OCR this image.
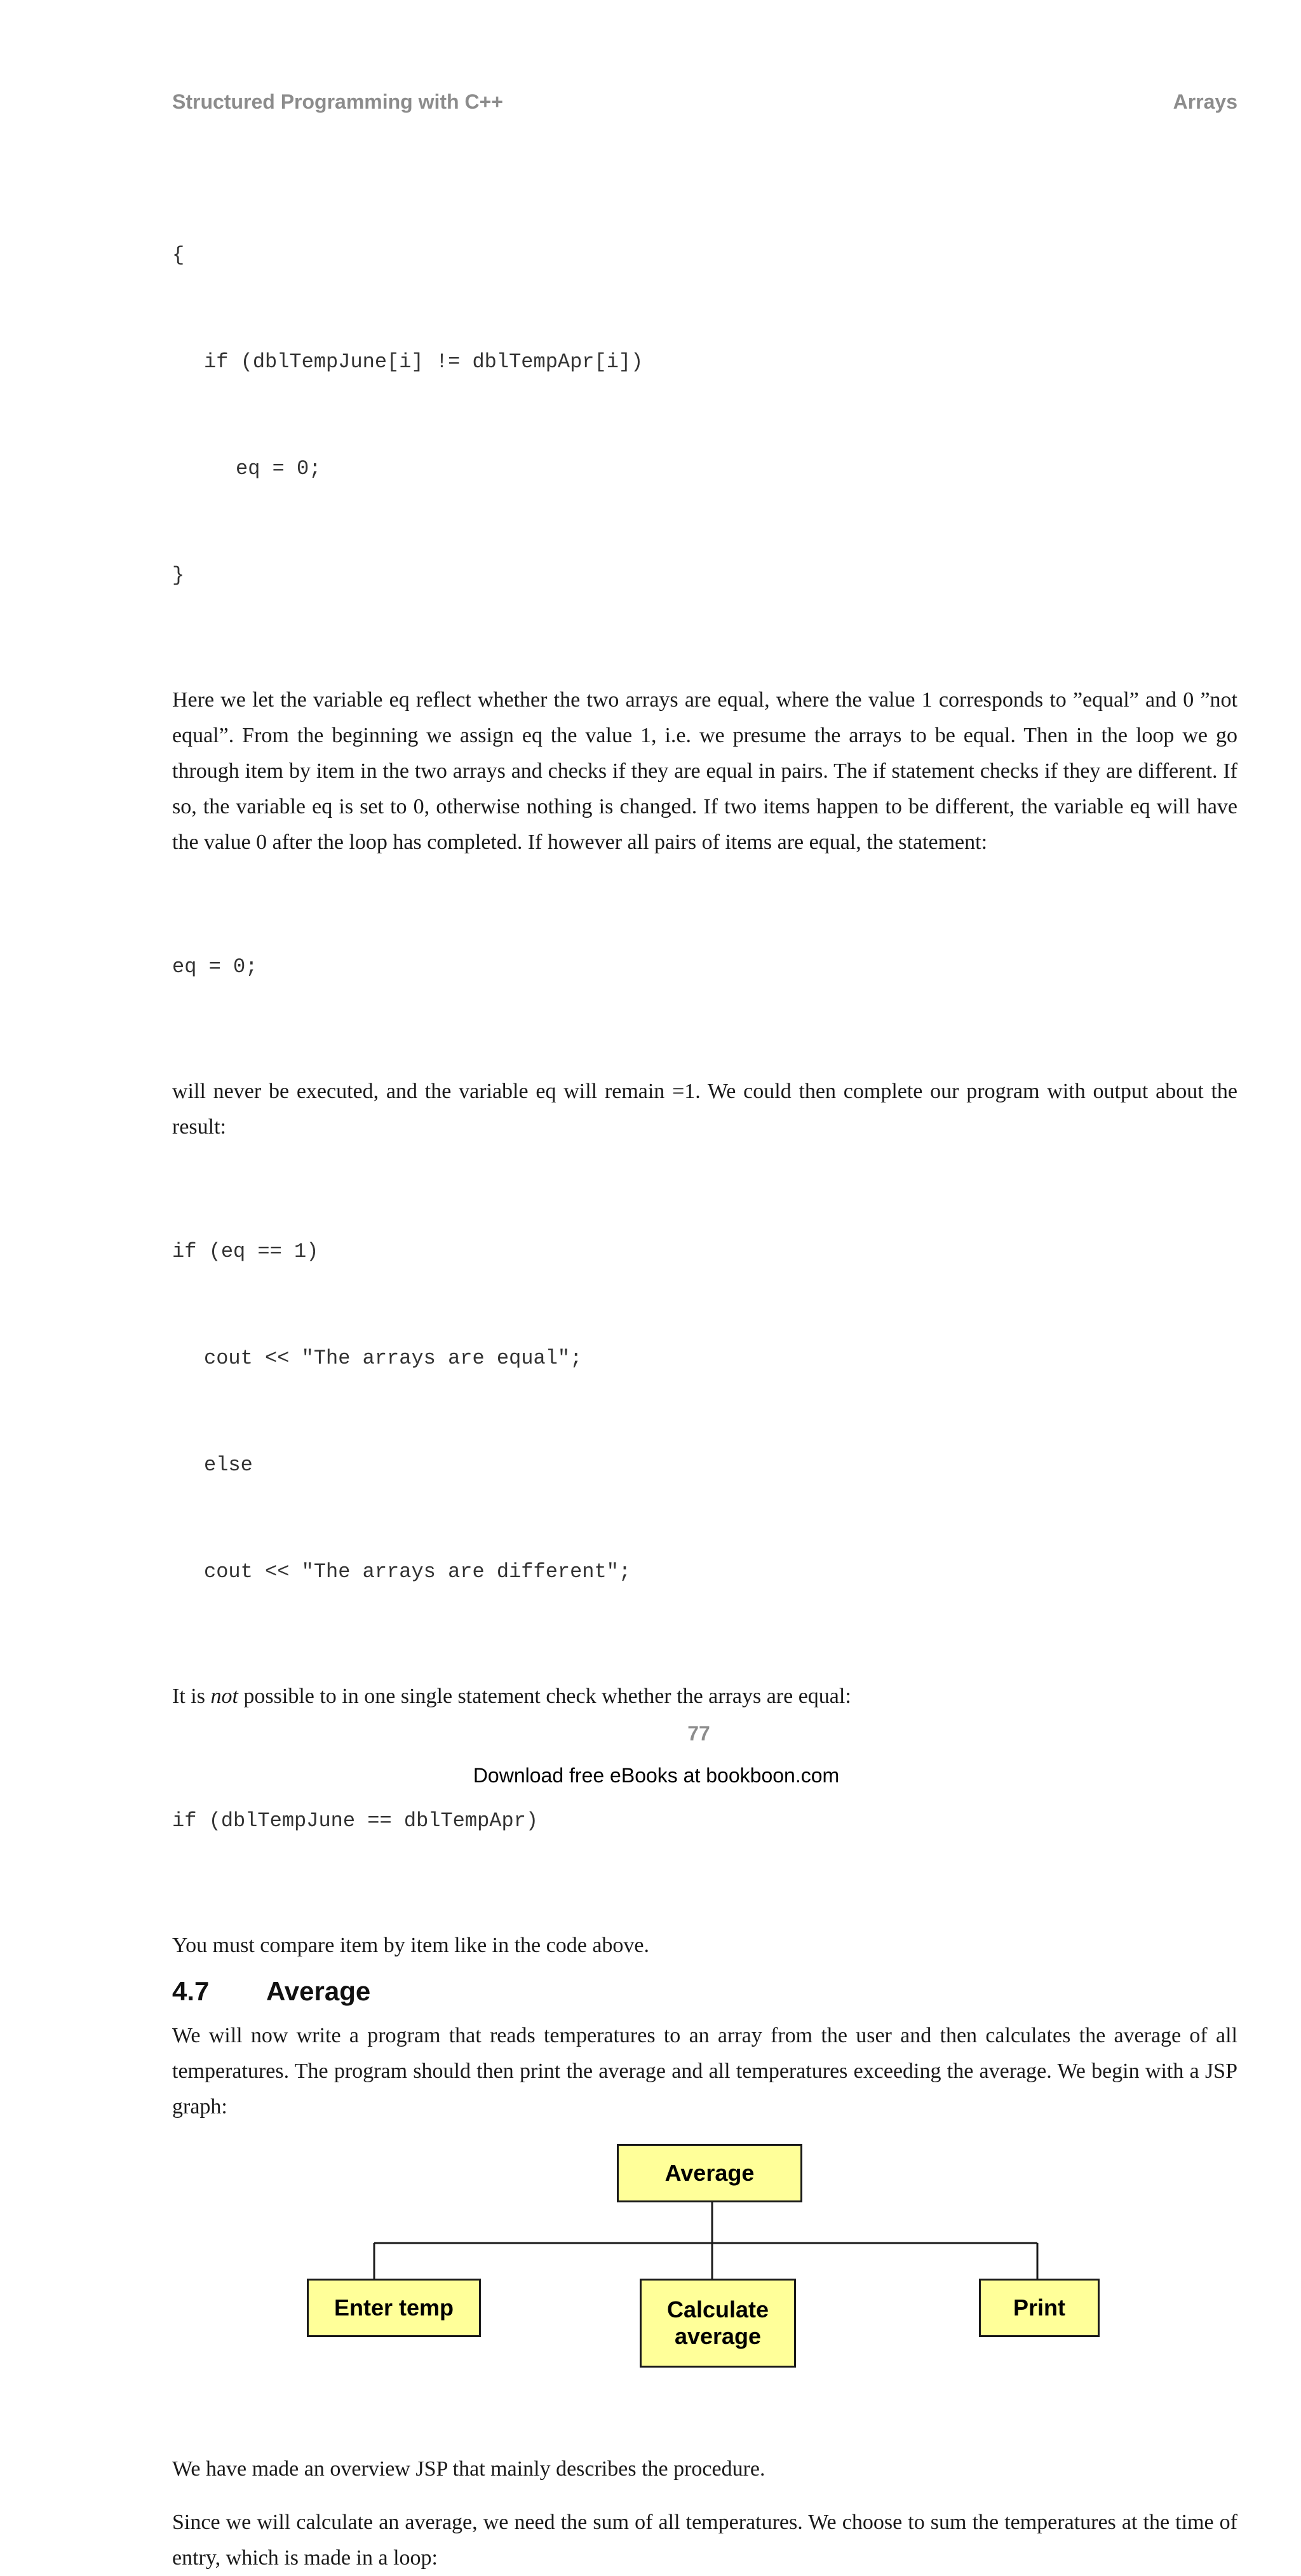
Structured Programming with C++	Arrays

{

if (dblTempJune[i] != dblTempApr[i])

eq = 0;

}

Here we let the variable eq reflect whether the two arrays are equal, where the value 1 corresponds to ”equal” and 0 ”not equal”. From the beginning we assign eq the value 1, i.e. we presume the arrays to be equal. Then in the loop we go through item by item in the two arrays and checks if they are equal in pairs. The if statement checks if they are different. If so, the variable eq is set to 0, otherwise nothing is changed. If two items happen to be different, the variable eq will have the value 0 after the loop has completed. If however all pairs of items are equal, the statement:

eq = 0;

will never be executed, and the variable eq will remain =1. We could then complete our program with output about the result:

if (eq == 1)

cout << "The arrays are equal";

else

cout << "The arrays are different";

It is not possible to in one single statement check whether the arrays are equal:

if (dblTempJune == dblTempApr)

You must compare item by item like in the code above.

4.7 Average

We will now write a program that reads temperatures to an array from the user and then calculates the average of all temperatures. The program should then print the average and all temperatures exceeding the average. We begin with a JSP graph:

Average
Enter temp	Calculate average
Print

We have made an overview JSP that mainly describes the procedure.

Since we will calculate an average, we need the sum of all temperatures. We choose to sum the temperatures at the time of entry, which is made in a loop:

77
Download free eBooks at bookboon.com
